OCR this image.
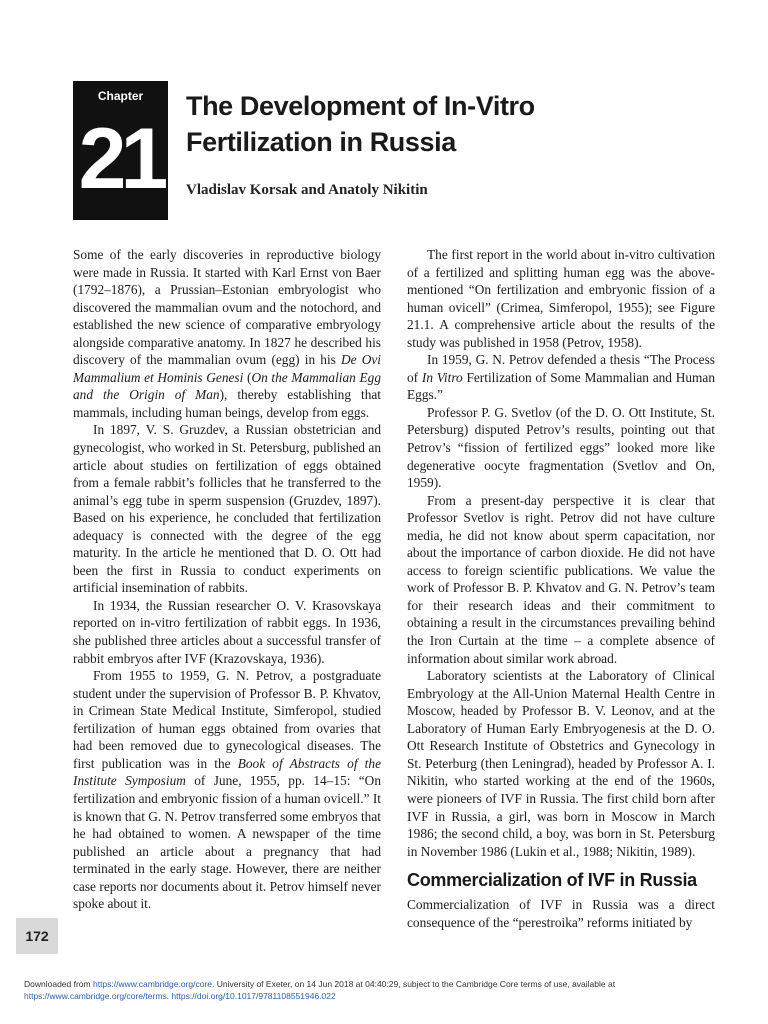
Chapter
21
The Development of In-Vitro
Fertilization in Russia

Vladislav Korsak and Anatoly Nikitin

Some of the early discoveries in reproductive biology were made in Russia. It started with Karl Ernst von Baer (1792–1876), a Prussian–Estonian embryologist who discovered the mammalian ovum and the notochord, and established the new science of comparative embryology alongside comparative anatomy. In 1827 he described his discovery of the mammalian ovum (egg) in his De Ovi Mammalium et Hominis Genesi (On the Mammalian Egg and the Origin of Man), thereby establishing that mammals, including human beings, develop from eggs.

In 1897, V. S. Gruzdev, a Russian obstetrician and gynecologist, who worked in St. Petersburg, published an article about studies on fertilization of eggs obtained from a female rabbit’s follicles that he transferred to the animal’s egg tube in sperm suspension (Gruzdev, 1897). Based on his experience, he concluded that fertilization adequacy is connected with the degree of the egg maturity. In the article he mentioned that D. O. Ott had been the first in Russia to conduct experiments on artificial insemination of rabbits.

In 1934, the Russian researcher O. V. Krasovskaya reported on in-vitro fertilization of rabbit eggs. In 1936, she published three articles about a successful transfer of rabbit embryos after IVF (Krazovskaya, 1936).

From 1955 to 1959, G. N. Petrov, a postgraduate student under the supervision of Professor B. P. Khvatov, in Crimean State Medical Institute, Simferopol, studied fertilization of human eggs obtained from ovaries that had been removed due to gynecological diseases. The first publication was in the Book of Abstracts of the Institute Symposium of June, 1955, pp. 14–15: “On fertilization and embryonic fission of a human ovicell.” It is known that G. N. Petrov transferred some embryos that he had obtained to women. A newspaper of the time published an article about a pregnancy that had terminated in the early stage. However, there are neither case reports nor documents about it. Petrov himself never spoke about it.

The first report in the world about in-vitro cultivation of a fertilized and splitting human egg was the above-mentioned “On fertilization and embryonic fission of a human ovicell” (Crimea, Simferopol, 1955); see Figure 21.1. A comprehensive article about the results of the study was published in 1958 (Petrov, 1958).

In 1959, G. N. Petrov defended a thesis “The Process of In Vitro Fertilization of Some Mammalian and Human Eggs.”

Professor P. G. Svetlov (of the D. O. Ott Institute, St. Petersburg) disputed Petrov’s results, pointing out that Petrov’s “fission of fertilized eggs” looked more like degenerative oocyte fragmentation (Svetlov and On, 1959).

From a present-day perspective it is clear that Professor Svetlov is right. Petrov did not have culture media, he did not know about sperm capacitation, nor about the importance of carbon dioxide. He did not have access to foreign scientific publications. We value the work of Professor B. P. Khvatov and G. N. Petrov’s team for their research ideas and their commitment to obtaining a result in the circumstances prevailing behind the Iron Curtain at the time – a complete absence of information about similar work abroad.

Laboratory scientists at the Laboratory of Clinical Embryology at the All-Union Maternal Health Centre in Moscow, headed by Professor B. V. Leonov, and at the Laboratory of Human Early Embryogenesis at the D. O. Ott Research Institute of Obstetrics and Gynecology in St. Peterburg (then Leningrad), headed by Professor A. I. Nikitin, who started working at the end of the 1960s, were pioneers of IVF in Russia. The first child born after IVF in Russia, a girl, was born in Moscow in March 1986; the second child, a boy, was born in St. Petersburg in November 1986 (Lukin et al., 1988; Nikitin, 1989).

Commercialization of IVF in Russia

Commercialization of IVF in Russia was a direct consequence of the “perestroika” reforms initiated by

172
Downloaded from https://www.cambridge.org/core. University of Exeter, on 14 Jun 2018 at 04:40:29, subject to the Cambridge Core terms of use, available at
https://www.cambridge.org/core/terms. https://doi.org/10.1017/9781108551946.022
